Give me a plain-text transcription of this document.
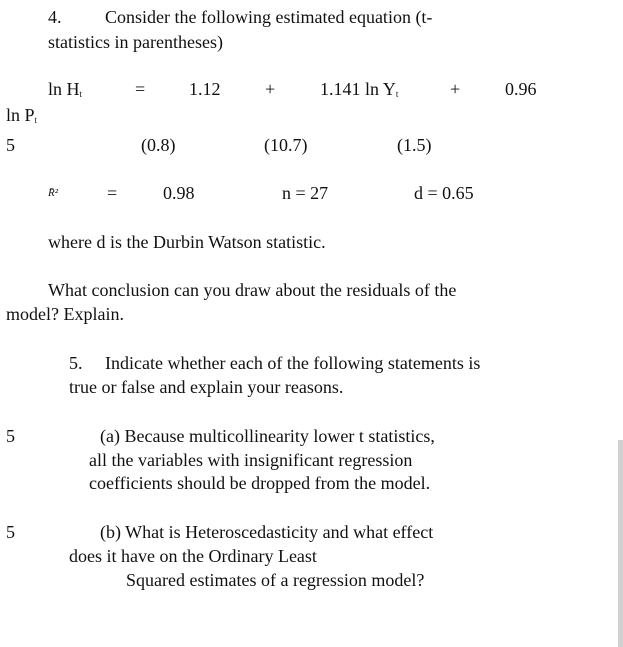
4. Consider the following estimated equation (t-
statistics in parentheses)
$\ln H_t$	= 1.12 + 1.141 $\ln Y_t$	+ 0.96
$\ln P_t$
5	(0.8)	(10.7)	(1.5)
R̄²	=	0.98	n = 27	d = 0.65
where d is the Durbin Watson statistic.
What conclusion can you draw about the residuals of the
model? Explain.
5. Indicate whether each of the following statements is
true or false and explain your reasons.
5	(a) Because multicollinearity lower t statistics,
all the variables with insignificant regression
coefficients should be dropped from the model.
5	(b) What is Heteroscedasticity and what effect
does it have on the Ordinary Least
Squared estimates of a regression model?
